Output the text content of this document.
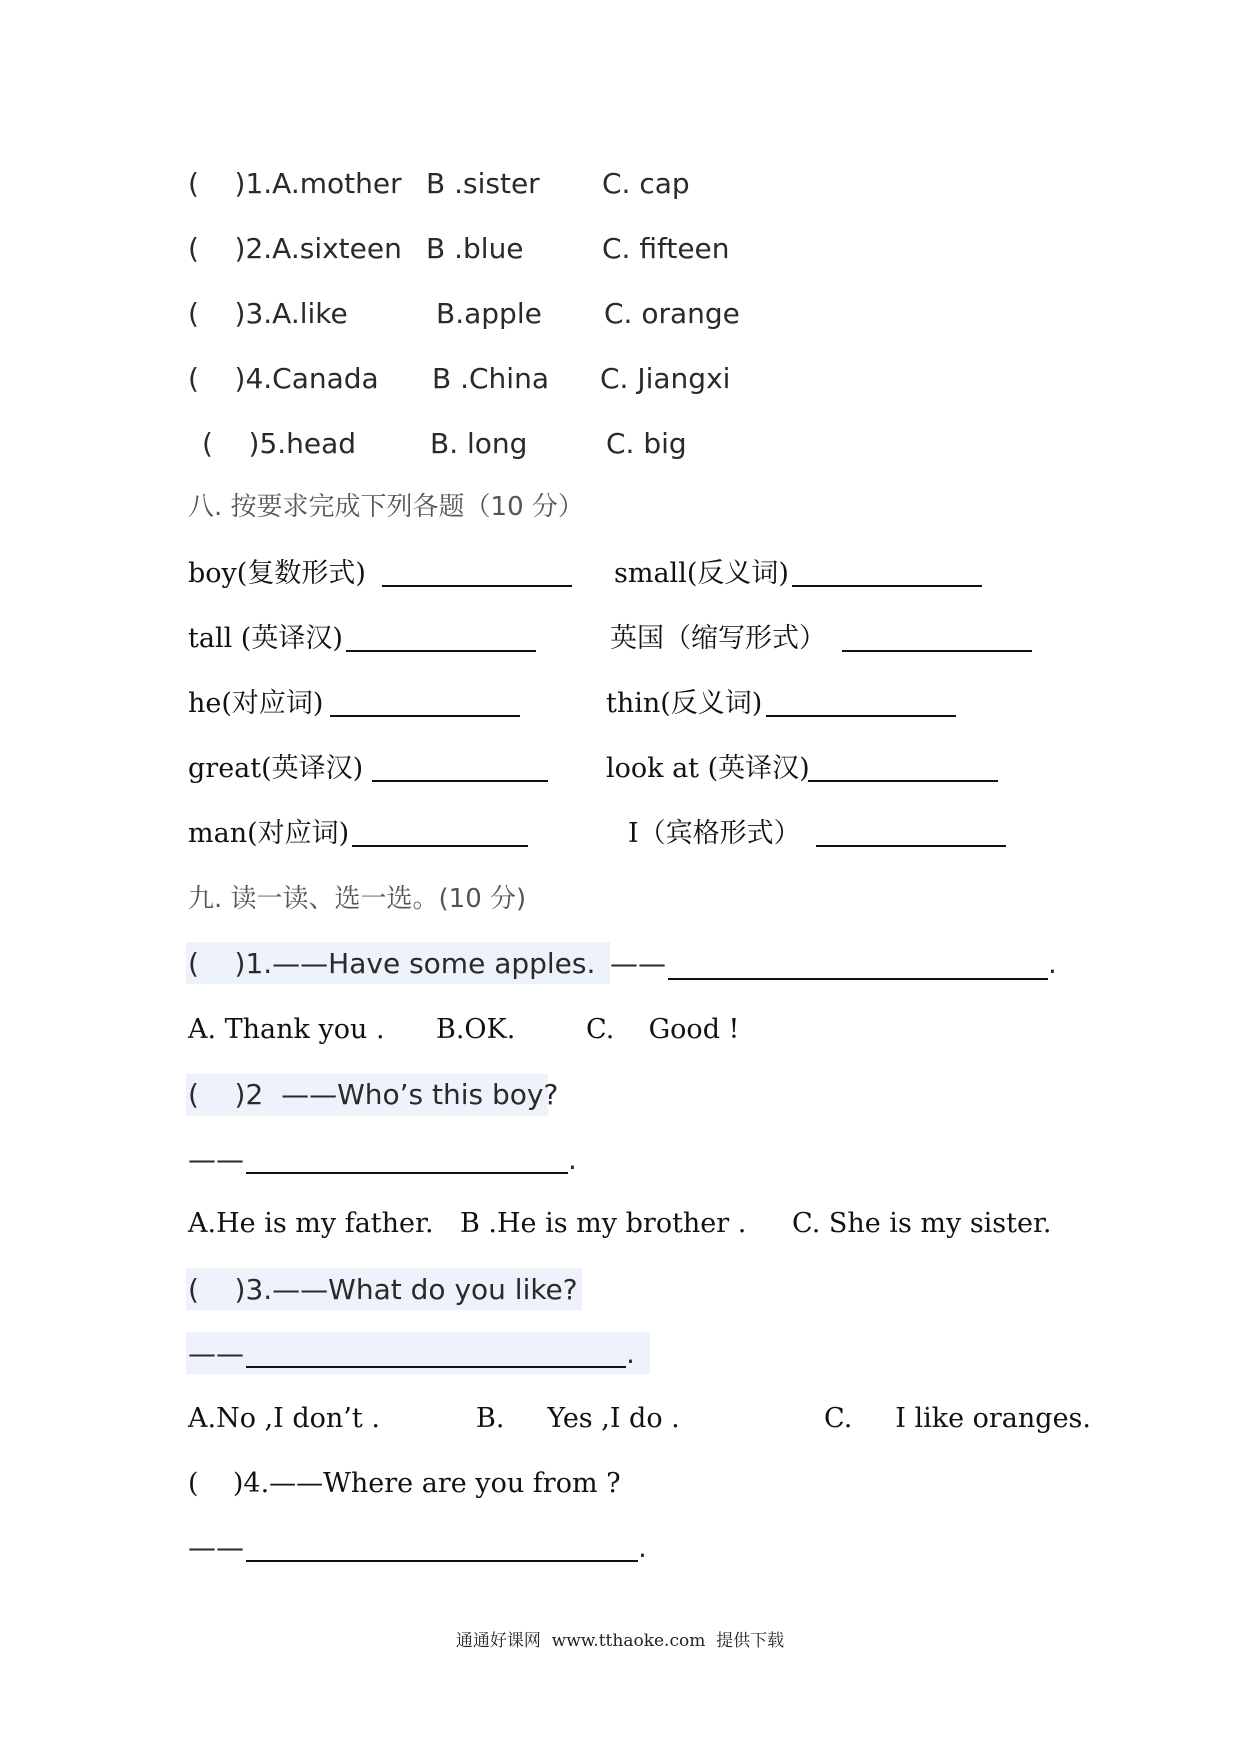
(    )1.A.mother B .sister C. cap
(    )2.A.sixteen B .blue	C. fifteen
(    )3.A.like	B.apple C. orange
(    )4.Canada B .China C. Jiangxi
(    )5.head	B. long	C. big
八. 按要求完成下列各题（10 分）
boy(复数形式)	small(反义词)
tall (英译汉)	英国（缩写形式）
he(对应词)	thin(反义词)
great(英译汉)	look at (英译汉)
man(对应词)	I（宾格形式）
九. 读一读、选一选。(10 分)
(    )1.——Have some apples. ——	.
A. Thank you . B.OK.	C.    Good !
(    )2  ——Who’s this boy?
——	.
A.He is my father. B .He is my brother . C. She is my sister.
(    )3.——What do you like?
——	.
A.No ,I don’t .	B.     Yes ,I do .	C.     I like oranges.
(    )4.——Where are you from ?
——	.
通通好课网  www.tthaoke.com  提供下载
